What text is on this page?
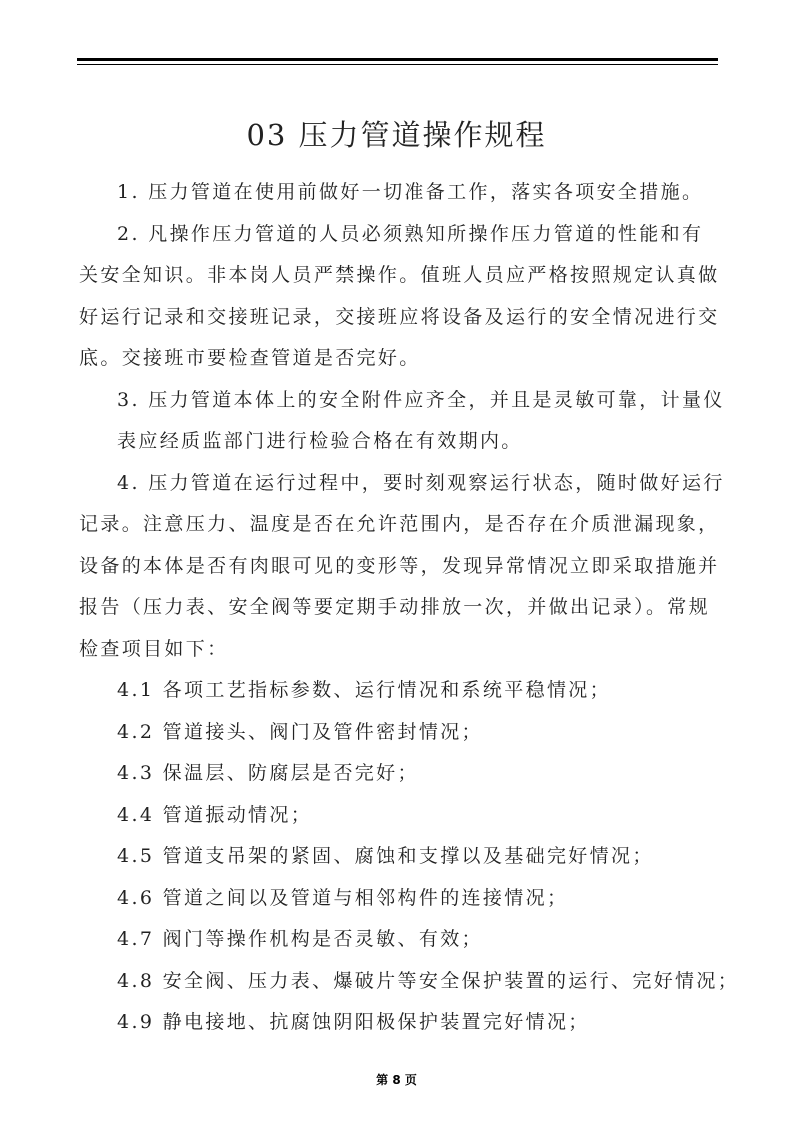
03 压力管道操作规程
1. 压力管道在使用前做好一切准备工作，落实各项安全措施。
2. 凡操作压力管道的人员必须熟知所操作压力管道的性能和有
关安全知识。非本岗人员严禁操作。值班人员应严格按照规定认真做
好运行记录和交接班记录，交接班应将设备及运行的安全情况进行交
底。交接班市要检查管道是否完好。
3. 压力管道本体上的安全附件应齐全，并且是灵敏可靠，计量仪
表应经质监部门进行检验合格在有效期内。
4. 压力管道在运行过程中，要时刻观察运行状态，随时做好运行
记录。注意压力、温度是否在允许范围内，是否存在介质泄漏现象，
设备的本体是否有肉眼可见的变形等，发现异常情况立即采取措施并
报告（压力表、安全阀等要定期手动排放一次，并做出记录）。常规
检查项目如下：
4.1 各项工艺指标参数、运行情况和系统平稳情况；
4.2 管道接头、阀门及管件密封情况；
4.3 保温层、防腐层是否完好；
4.4 管道振动情况；
4.5 管道支吊架的紧固、腐蚀和支撑以及基础完好情况；
4.6 管道之间以及管道与相邻构件的连接情况；
4.7 阀门等操作机构是否灵敏、有效；
4.8 安全阀、压力表、爆破片等安全保护装置的运行、完好情况；
4.9 静电接地、抗腐蚀阴阳极保护装置完好情况；
第 8 页
